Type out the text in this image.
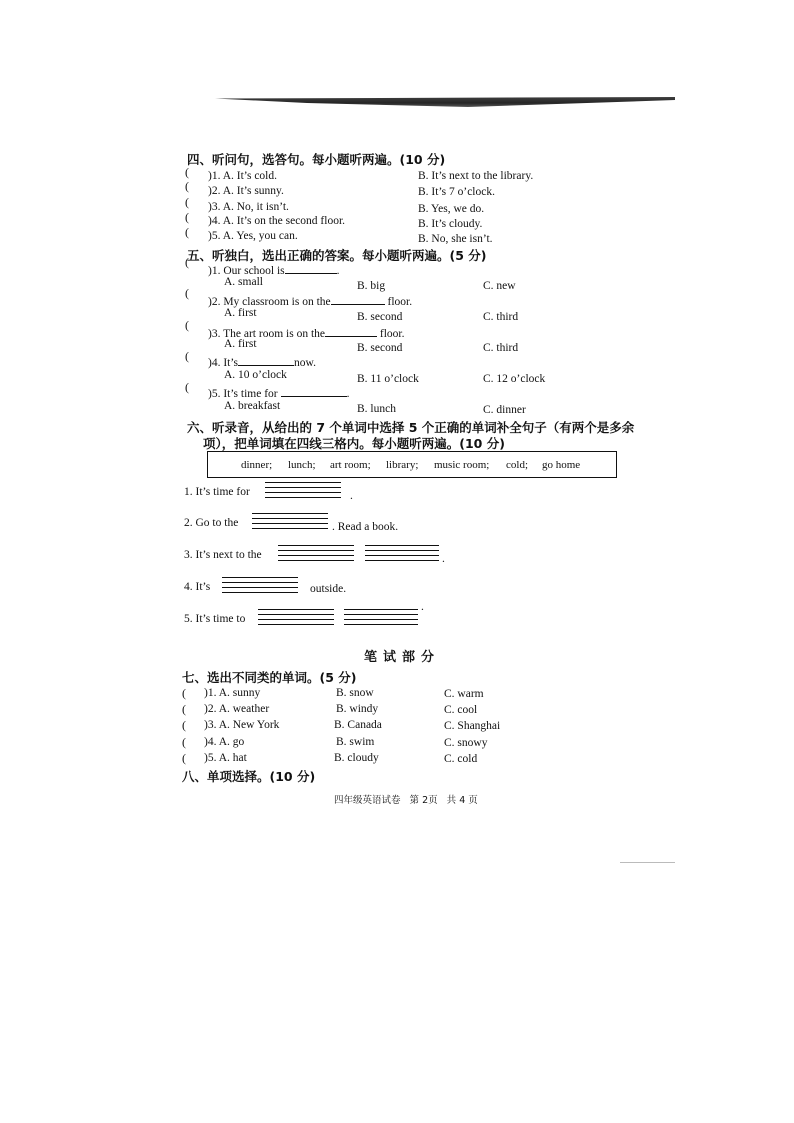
四、听问句，选答句。每小题听两遍。(10 分)
( )1. A. It’s cold.	B. It’s next to the library.
( )2. A. It’s sunny.	B. It’s 7 o’clock.
( )3. A. No, it isn’t.	B. Yes, we do.
( )4. A. It’s on the second floor.	B. It’s cloudy.
( )5. A. Yes, you can.	B. No, she isn’t.
五、听独白，选出正确的答案。每小题听两遍。(5 分)
(
)1. Our school is	.
A. small	B. big	C. new
(
)2. My classroom is on the	floor.
A. first	B. second	C. third
(
)3. The art room is on the	floor.
A. first	B. second	C. third
( )4. It’s	now.
A. 10 o’clock	B. 11 o’clock	C. 12 o’clock
( )5. It’s time for	.
A. breakfast	B. lunch	C. dinner
六、听录音，从给出的 7 个单词中选择 5 个正确的单词补全句子（有两个是多余
项），把单词填在四线三格内。每小题听两遍。(10 分)
dinner; lunch; art room; library; music room; cold; go home
1. It’s time for	.
2. Go to the	. Read a book.
3. It’s next to the	.
4. It’s	outside.
5. It’s time to
.
笔试部分
七、选出不同类的单词。(5 分)
( )1. A. sunny	B. snow	C. warm
( )2. A. weather	B. windy	C. cool
( )3. A. New York	B. Canada	C. Shanghai
( )4. A. go	B. swim	C. snowy
( )5. A. hat	B. cloudy	C. cold
八、单项选择。(10 分)
四年级英语试卷   第 2页   共 4 页
